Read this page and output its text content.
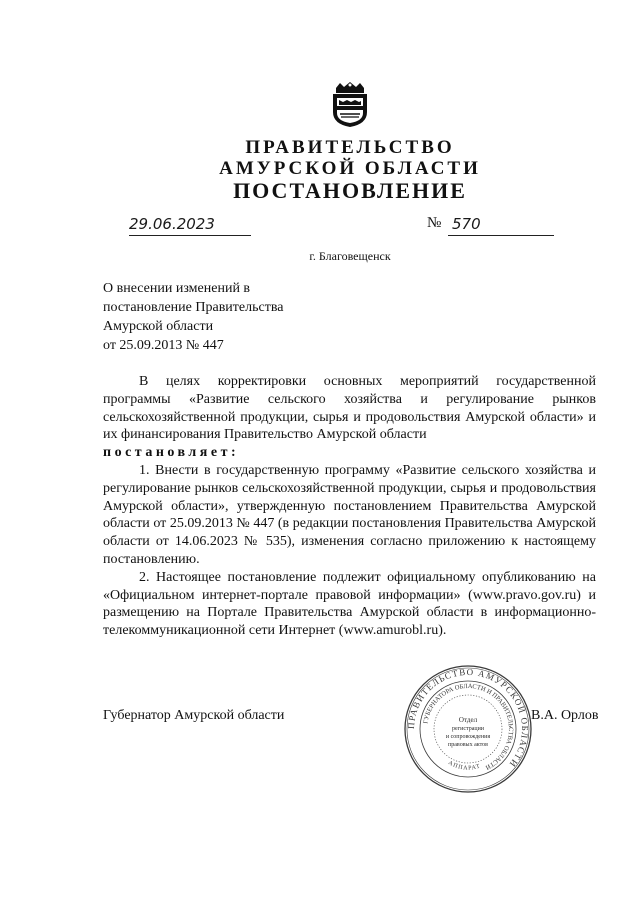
ПРАВИТЕЛЬСТВО
АМУРСКОЙ ОБЛАСТИ
ПОСТАНОВЛЕНИЕ
29.06.2023	№ 570
г. Благовещенск
О внесении изменений в
постановление Правительства
Амурской области
от 25.09.2013 № 447

В целях корректировки основных мероприятий государственной программы «Развитие сельского хозяйства и регулирование рынков сельскохозяйственной продукции, сырья и продовольствия Амурской области» и их финансирования Правительство Амурской области

постановляет:

1. Внести в государственную программу «Развитие сельского хозяйства и регулирование рынков сельскохозяйственной продукции, сырья и продовольствия Амурской области», утвержденную постановлением Правительства Амурской области от 25.09.2013 № 447 (в редакции постановления Правительства Амурской области от 14.06.2023 № 535), изменения согласно приложению к настоящему постановлению.

2. Настоящее постановление подлежит официальному опубликованию на «Официальном интернет-портале правовой информации» (www.pravo.gov.ru) и размещению на Портале Правительства Амурской области в информационно-телекоммуникационной сети Интернет (www.amurobl.ru).

Губернатор Амурской области
ПРАВИТЕЛЬСТВО АМУРСКОЙ ОБЛАСТИ
ГУБЕРНАТОРА ОБЛАСТИ И ПРАВИТЕЛЬСТВА ОБЛАСТИ
АППАРАТ
Отдел
регистрации
и сопровождения
правовых актов
В.А. Орлов
